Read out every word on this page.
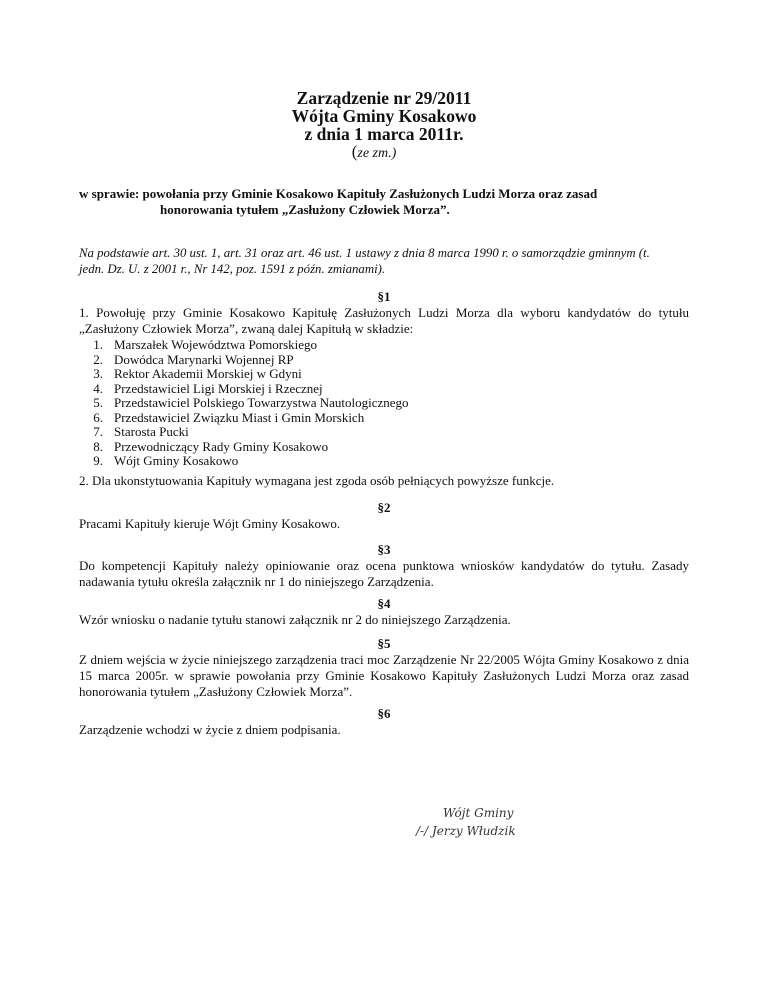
Zarządzenie nr 29/2011
Wójta Gminy Kosakowo
z dnia 1 marca 2011r.
(ze zm.)
w sprawie: powołania przy Gminie Kosakowo Kapituły Zasłużonych Ludzi Morza oraz zasad
honorowania tytułem „Zasłużony Człowiek Morza”.
Na podstawie art. 30 ust. 1, art. 31 oraz art. 46 ust. 1 ustawy z dnia 8 marca 1990 r. o samorządzie gminnym (t.
jedn. Dz. U. z 2001 r., Nr 142, poz. 1591 z późn. zmianami).
§1
1. Powołuję przy Gminie Kosakowo Kapitułę Zasłużonych Ludzi Morza dla wyboru kandydatów do tytułu „Zasłużony Człowiek Morza”, zwaną dalej Kapitułą w składzie:
1. Marszałek Województwa Pomorskiego
2. Dowódca Marynarki Wojennej RP
3. Rektor Akademii Morskiej w Gdyni
4. Przedstawiciel Ligi Morskiej i Rzecznej
5. Przedstawiciel Polskiego Towarzystwa Nautologicznego
6. Przedstawiciel Związku Miast i Gmin Morskich
7. Starosta Pucki
8. Przewodniczący Rady Gminy Kosakowo
9. Wójt Gminy Kosakowo
2. Dla ukonstytuowania Kapituły wymagana jest zgoda osób pełniących powyższe funkcje.
§2
Pracami Kapituły kieruje Wójt Gminy Kosakowo.
§3
Do kompetencji Kapituły należy opiniowanie oraz ocena punktowa wniosków kandydatów do tytułu. Zasady nadawania tytułu określa załącznik nr 1 do niniejszego Zarządzenia.
§4
Wzór wniosku o nadanie tytułu stanowi załącznik nr 2 do niniejszego Zarządzenia.
§5
Z dniem wejścia w życie niniejszego zarządzenia traci moc Zarządzenie Nr 22/2005 Wójta Gminy Kosakowo z dnia 15 marca 2005r. w sprawie powołania przy Gminie Kosakowo Kapituły Zasłużonych Ludzi Morza oraz zasad honorowania tytułem „Zasłużony Człowiek Morza”.
§6
Zarządzenie wchodzi w życie z dniem podpisania.
Wójt Gminy
/-/ Jerzy Włudzik
